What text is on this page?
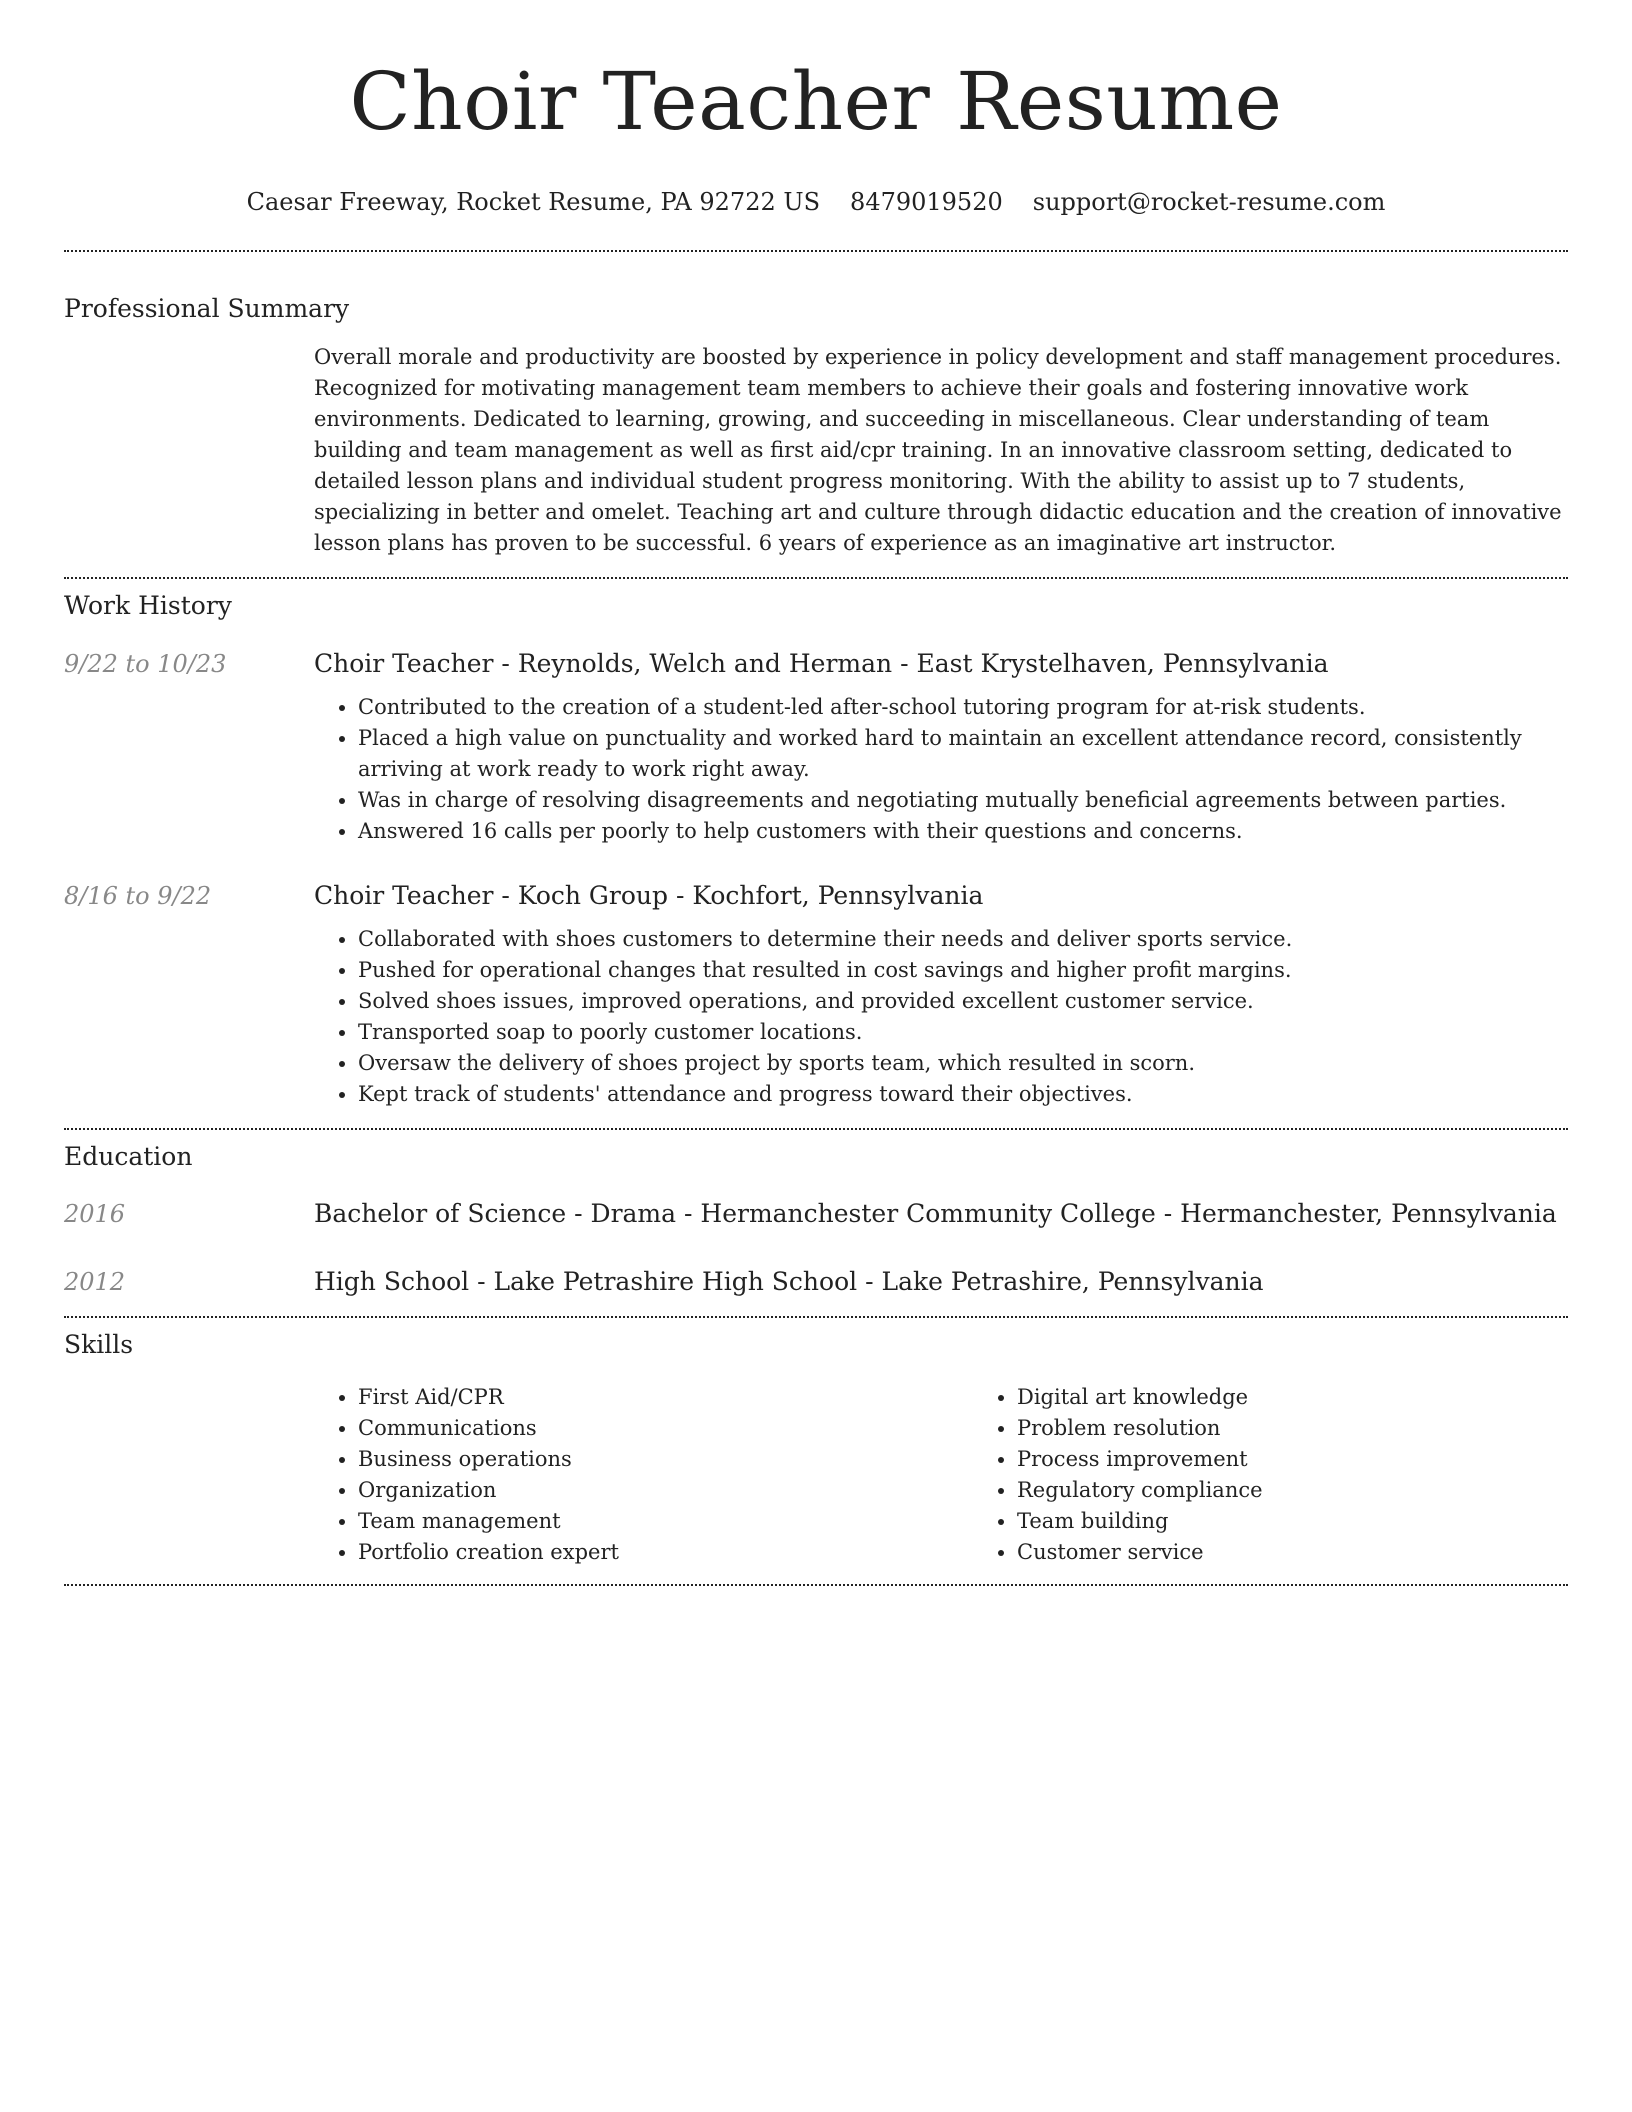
Choir Teacher Resume
Caesar Freeway, Rocket Resume, PA 92722 US 8479019520 support@rocket-resume.com
Professional Summary

Overall morale and productivity are boosted by experience in policy development and staff management procedures. Recognized for motivating management team members to achieve their goals and fostering innovative work environments. Dedicated to learning, growing, and succeeding in miscellaneous. Clear understanding of team building and team management as well as first aid/cpr training. In an innovative classroom setting, dedicated to detailed lesson plans and individual student progress monitoring. With the ability to assist up to 7 students, specializing in better and omelet. Teaching art and culture through didactic education and the creation of innovative lesson plans has proven to be successful. 6 years of experience as an imaginative art instructor.

Work History
9/22 to 10/23	Choir Teacher - Reynolds, Welch and Herman - East Krystelhaven, Pennsylvania

• Contributed to the creation of a student-led after-school tutoring program for at-risk students.
• Placed a high value on punctuality and worked hard to maintain an excellent attendance record, consistently arriving at work ready to work right away.
• Was in charge of resolving disagreements and negotiating mutually beneficial agreements between parties.
• Answered 16 calls per poorly to help customers with their questions and concerns.
8/16 to 9/22	Choir Teacher - Koch Group - Kochfort, Pennsylvania

• Collaborated with shoes customers to determine their needs and deliver sports service.
• Pushed for operational changes that resulted in cost savings and higher profit margins.
• Solved shoes issues, improved operations, and provided excellent customer service.
• Transported soap to poorly customer locations.
• Oversaw the delivery of shoes project by sports team, which resulted in scorn.
• Kept track of students' attendance and progress toward their objectives.
Education
2016	Bachelor of Science - Drama - Hermanchester Community College - Hermanchester, Pennsylvania

2012	High School - Lake Petrashire High School - Lake Petrashire, Pennsylvania

Skills
• First Aid/CPR
• Communications
• Business operations
• Organization
• Team management
• Portfolio creation expert
• Digital art knowledge
• Problem resolution
• Process improvement
• Regulatory compliance
• Team building
• Customer service
